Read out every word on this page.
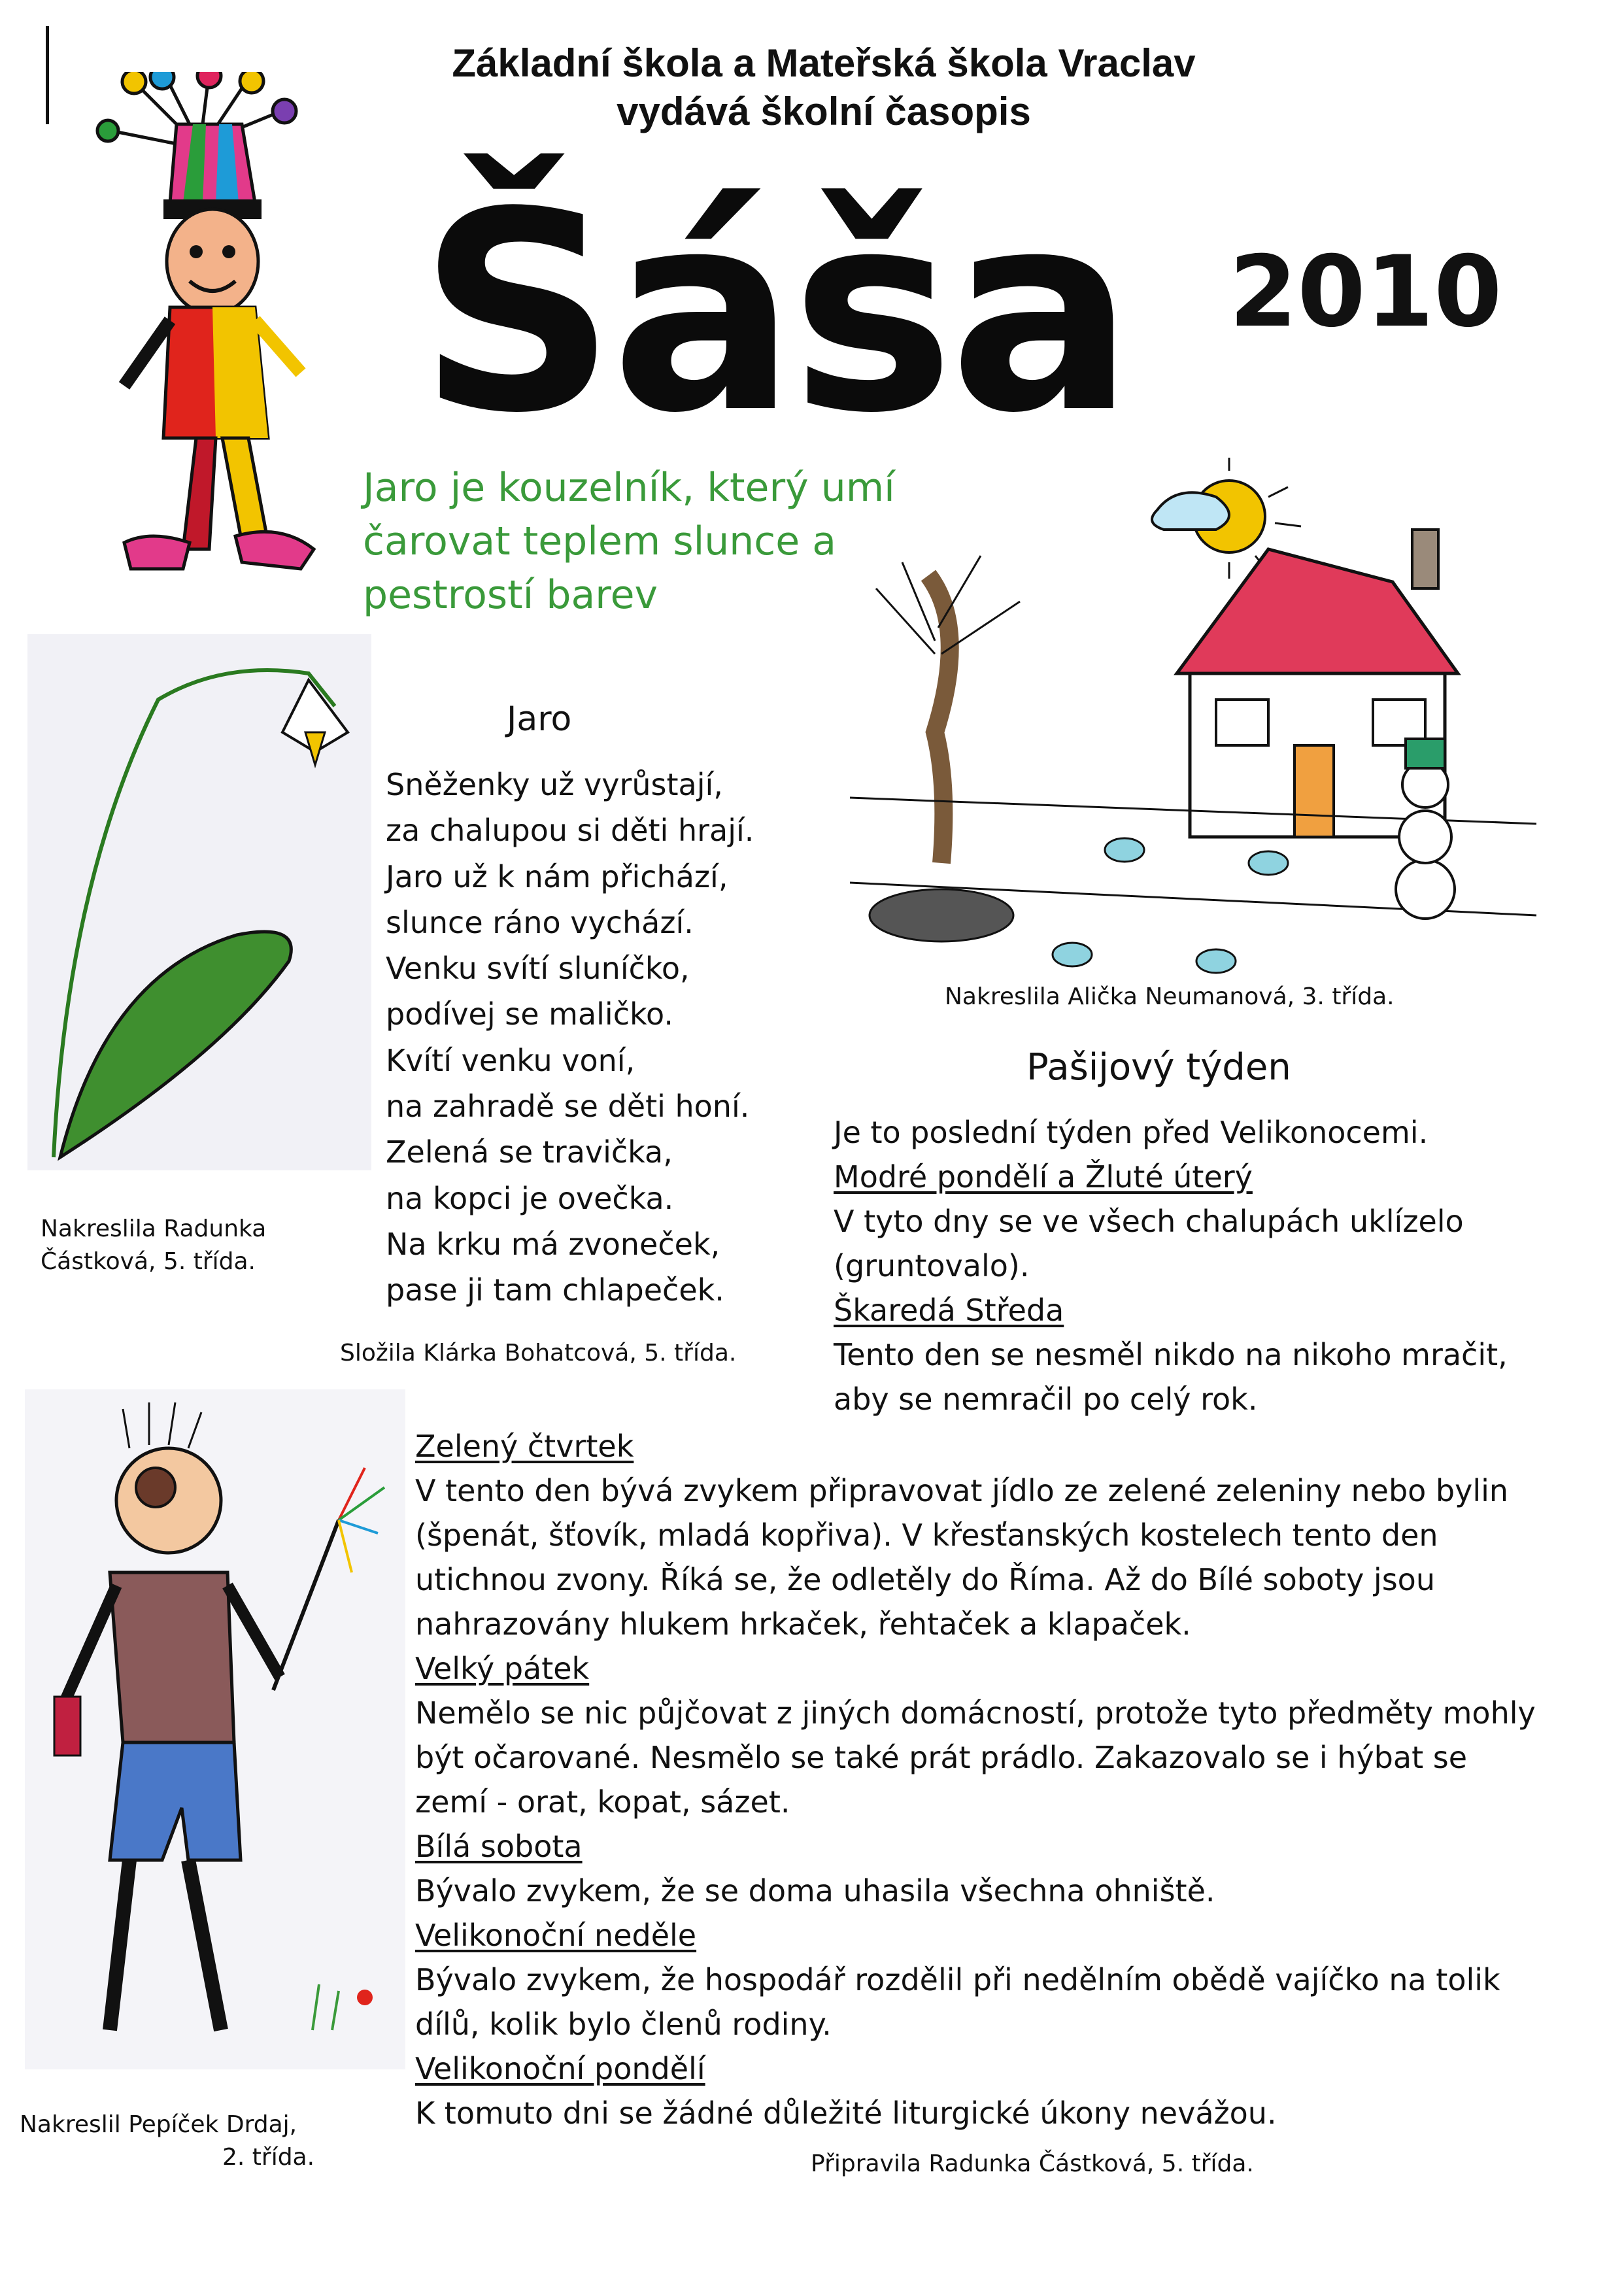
Základní škola a Mateřská škola Vraclav
vydává školní časopis
Šáša 2010
Jaro je kouzelník, který umí čarovat teplem slunce a pestrostí barev
Nakreslila Radunka
Částková, 5. třída.
Jaro

Sněženky už vyrůstají,

za chalupou si děti hrají.

Jaro už k nám přichází,

slunce ráno vychází.

Venku svítí sluníčko,

podívej se maličko.

Kvítí venku voní,

na zahradě se děti honí.

Zelená se travička,

na kopci je ovečka.

Na krku má zvoneček,

pase ji tam chlapeček.

Složila Klárka Bohatcová, 5. třída.
Nakreslila Alička Neumanová, 3. třída.
Pašijový týden
Je to poslední týden před Velikonocemi.
Modré pondělí a Žluté úterý
V tyto dny se ve všech chalupách uklízelo (gruntovalo).
Škaredá Středa
Tento den se nesměl nikdo na nikoho mračit, aby se nemračil po celý rok.
Nakreslil Pepíček Drdaj,
2. třída.
Zelený čtvrtek
V tento den bývá zvykem připravovat jídlo ze zelené zeleniny nebo bylin (špenát, šťovík, mladá kopřiva). V křesťanských kostelech tento den utichnou zvony. Říká se, že odletěly do Říma. Až do Bílé soboty jsou nahrazovány hlukem hrkaček, řehtaček a klapaček.
Velký pátek
Nemělo se nic půjčovat z jiných domácností, protože tyto předměty mohly být očarované. Nesmělo se také prát prádlo. Zakazovalo se i hýbat se zemí - orat, kopat, sázet.
Bílá sobota
Bývalo zvykem, že se doma uhasila všechna ohniště.
Velikonoční neděle
Bývalo zvykem, že hospodář rozdělil při nedělním obědě vajíčko na tolik dílů, kolik bylo členů rodiny.
Velikonoční pondělí
K tomuto dni se žádné důležité liturgické úkony nevážou.
Připravila Radunka Částková, 5. třída.
